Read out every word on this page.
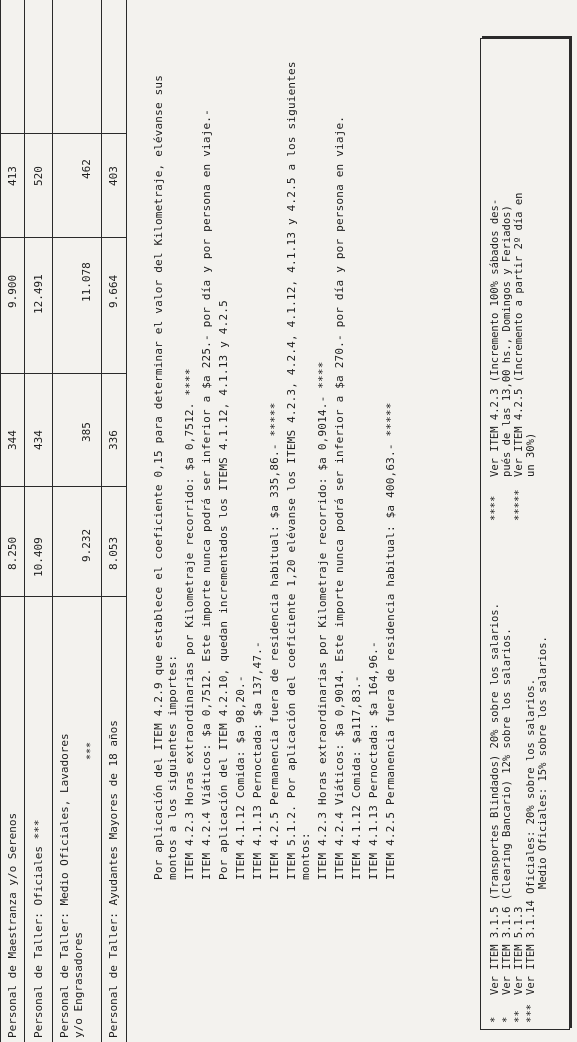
Personal de Maestranza y/o Serenos
8.250
344
9.900
413
Personal de Taller: Oficiales ***
10.409
434
12.491
520
Personal de Taller: Medio Oficiales, Lavadores y/o Engrasadores
***
9.232
385
11.078
462
Personal de Taller: Ayudantes Mayores de 18 años
8.053
336
9.664
403	Por aplicación del ITEM 4.2.9 que establece el coeficiente 0,15 para determinar el valor del Kilometraje, elévanse sus montos a los siguientes importes: ITEM 4.2.3 Horas extraordinarias por Kilometraje recorrido: $a 0,7512. **** ITEM 4.2.4 Viáticos: $a 0,7512. Este importe nunca podrá ser inferior a $a 225.- por día y por persona en viaje.- Por aplicación del ITEM 4.2.10, quedan incrementados los ITEMS 4.1.12, 4.1.13 y 4.2.5 ITEM 4.1.12 Comida: $a 98,20.- ITEM 4.1.13 Pernoctada: $a 137,47.- ITEM 4.2.5 Permanencia fuera de residencia habitual: $a 335,86.- ***** ITEM 5.1.2. Por aplicación del coeficiente 1,20 elévanse los ITEMS 4.2.3, 4.2.4, 4.1.12, 4.1.13 y 4.2.5 a los siguientes montos: ITEM 4.2.3 Horas extraordinarias por Kilometraje recorrido: $a 0,9014.- **** ITEM 4.2.4 Viáticos: $a 0,9014. Este importe nunca podrá ser inferior a $a 270.- por día y por persona en viaje. ITEM 4.1.12 Comida: $a117,83.- ITEM 4.1.13 Pernoctada: $a 164,96.- ITEM 4.2.5 Permanencia fuera de residencia habitual: $a 400,63.- *****
*Ver ITEM 3.1.5 (Transportes Blindados) 20% sobre los salarios.
*Ver ITEM 3.1.6 (Clearing Bancario) 12% sobre los salarios.
**Ver ITEM 5.1.3
***Ver ITEM 3.1.14 Oficiales: 20% sobre los salarios. Medio Oficiales: 15% sobre los salarios.
****Ver ITEM 4.2.3 (Incremento 100% sábados des- pués de las 13,00 hs., Domingos y Feriados)
*****Ver ITEM 4.2.5 (Incremento a partir 2º día en un 30%)
